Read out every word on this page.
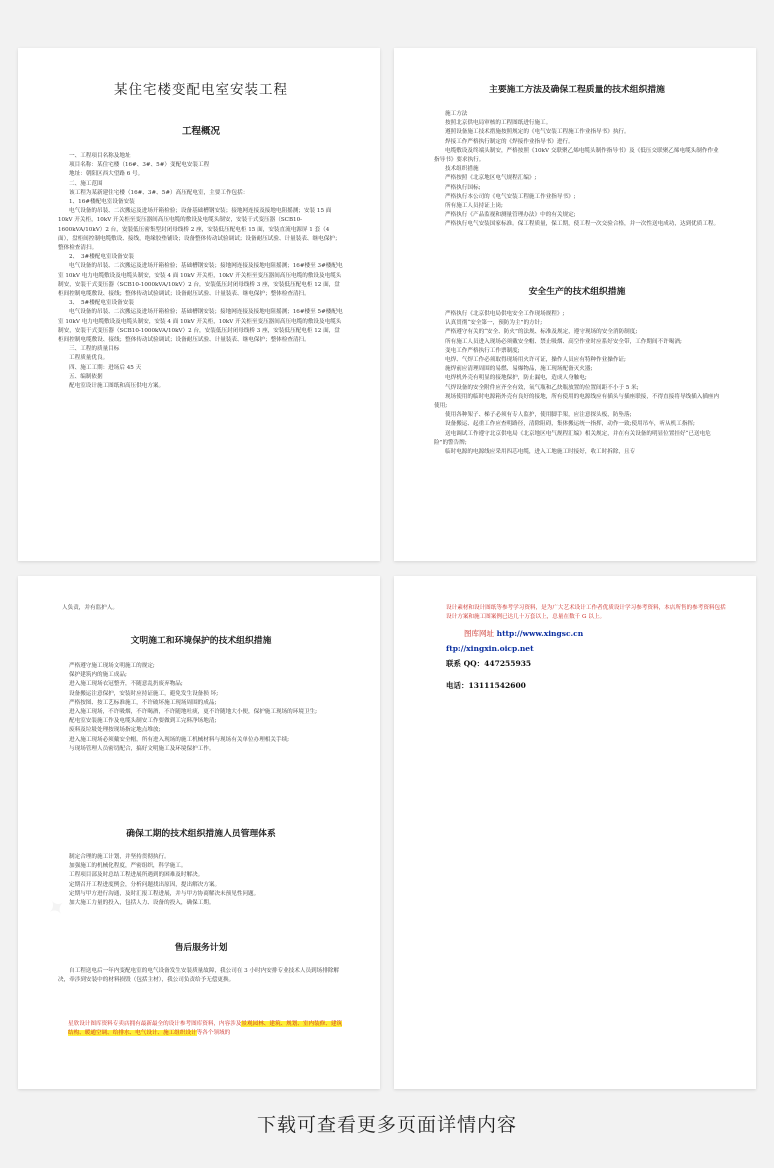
某住宅楼变配电室安装工程
工程概况

一、工程项目名称及地址

项目名称：某住宅楼（16#、3#、5#）变配电安装工程

地址：朝阳区西大望路 6 号。

二、施工范围

该工程为某新建住宅楼（16#、3#、5#）高压配电室，主要工作包括：

1、16#楼配电室设备安装

电气设备的吊装、二次搬运及进场开箱检验；设备基础槽钢安装；接地网连接及接地电阻摇测；安装 15 面 10kV 开关柜，10kV 开关柜至变压器间高压电缆的敷设及电缆头制安，安装干式变压器（SCB10-1600kVA/10kV）2 台，安装低压密集型封闭母线桥 2 座，安装低压配电柜 15 面，安装直流电源屏 1 套（4 面），盘柜间控制电缆敷设、接线，绝缘胶垫铺设；设备整体传动试验调试；设备耐压试验、计量装表、继电保护；整体检查清扫。

2、　3#楼配电室设备安装

电气设备的吊装、二次搬运及进场开箱检验；基础槽钢安装；接地网连接及接地电阻摇测；16#楼至 3#楼配电室 10kV 电力电缆敷设及电缆头制安，安装 4 面 10kV 开关柜，10kV 开关柜至变压器间高压电缆的敷设及电缆头制安，安装干式变压器（SCB10-1000kVA/10kV）2 台，安装低压封闭母线桥 3 座，安装低压配电柜 12 面，盘柜间控制电缆敷设、接线；整体传动试验调试；设备耐压试验、计量装表、继电保护；整体检查清扫。

3、　5#楼配电室设备安装

电气设备的吊装、二次搬运及进场开箱检验；基础槽钢安装；接地网连接及接地电阻摇测；16#楼至 5#楼配电室 10kV 电力电缆敷设及电缆头制安，安装 4 面 10kV 开关柜，10kV 开关柜至变压器间高压电缆的敷设及电缆头制安，安装干式变压器（SCB10-1000kVA/10kV）2 台，安装低压封闭母线桥 3 座，安装低压配电柜 12 面，盘柜间控制电缆敷设、接线；整体传动试验调试；设备耐压试验、计量装表、继电保护；整体检查清扫。

三、工程的质量目标

工程质量优良。

四、施工工期：进场后 45 天

五、编制依据

配电室设计施工图纸和高压供电方案。

主要施工方法及确保工程质量的技术组织措施

施工方法

按照北京供电局审核的工程图纸进行施工。

遵照设备施工技术措施按照规定的《电气安装工程施工作业指导书》执行。

焊接工作严格执行制定的《焊接作业指导书》进行。

电缆敷设及终端头制安，严格按照《10kV 交联聚乙烯电缆头制作指导书》及《低压交联聚乙烯电缆头制作作业指导书》要求执行。

技术组织措施

严格按照《北京地区电气规程汇编》;

严格执行国标;

严格执行本公司的《电气安装工程施工作业指导书》;

所有施工人员持证上岗;

严格执行《产品监视和测量管理办法》中的有关规定;

严格执行电气安装国家标准。保工程质量，保工期，使工程一次交验合格，并一次性送电成功，达到优质工程。

安全生产的技术组织措施

严格执行《北京供电局供电安全工作现场规程》;

认真贯彻“安全第一，预防为主”的方针;

严格遵守有关的“安全、防火”的法规、标准及规定，遵守现场的安全消防制度;

所有施工人员进入现场必须戴安全帽、禁止吸烟、高空作业时应系好安全带，工作期间不许喝酒;

变电工作严格执行工作票制度;

电焊、气焊工作必须取得现场用火许可证，操作人员应有特种作业操作证;

施焊前应清理周围的易燃、易爆物品，施工现场配备灭火器;

电焊机外壳有明显的接地保护，防止漏电，造成人身触电;

气焊设备的安全附件应齐全有效，氧气瓶和乙炔瓶放置的位置间距不小于 5 米;

现场使用的临时电源箱外壳有良好的接地，所有使用的电源线应有插头与插座联接，不得直接将导线插入插座内使用;

使用各种架子、梯子必须有专人监护，使用脚手架，应注意探头板，防坠落;

设备搬运、起重工作应查明路径，清除阻碍，集体搬运统一指挥，动作一致;使用吊车，听从机工指挥;

送电调试工作遵守北京供电局《北京地区电气规程汇编》相关规定，并在有关设备的明显位置挂好“已送电危险”的警告牌;

临时电源的电源线应采用四芯电缆，进入工地施工时接好，收工时拆除，且专

人负责，并有监护人。

文明施工和环境保护的技术组织措施

严格遵守施工现场文明施工的规定;

保护建筑内的施工成品;

进入施工现场衣冠整齐，不随意乱扔废弃物品;

设备搬运注意保护，安装时应持证施工，避免发生设备损 坏;

严格按图、按工艺标准施工，不许破坏施工现场周围的成品;

进入施工现场，不许吸烟，不许喝酒，不许随地吐痰，更不许随地大小便，保护施工现场的环境卫生;

配电室安装施工作及电缆头制安工作要做到工完料净场地清;

废料及垃圾处理按现场指定地点堆放;

进入施工现场必须戴安全帽，所有进入现场的施工机械材料与现场有关单位办理相关手续;

与现场管理人员密切配合，搞好文明施工及环境保护工作。

确保工期的技术组织措施人员管理体系

制定合理的施工计划，并坚持贯彻执行。

加强施工的机械化程度，严密组织，科学施工。

工程项目部及时总结工程进展所遇到的困难及时解决。

定期召开工程进度例会，分析问题找出原因，提出解决方案。

定期与甲方进行沟通，及时汇报工程进展，并与甲方协商解决未预见性问题。

加大施工力量的投入，包括人力、设备的投入，确保工期。

售后服务计划

自工程送电后一年内变配电室的电气设备发生安装质量故障，我公司在 3 小时内安排专业技术人员到场排除解决，牵涉到安装中的材料损毁（包括主材），我公司负责给予无偿更换。

星欣设计图库资料专卖店拥有最新最全的设计参考图库资料，内容涉及景观园林、建筑、规划、室内装修、建筑结构、暖通空调、给排水、电气设计、施工组织设计等各个领域的
设计素材和设计图纸等参考学习资料，是为广大艺术设计工作者优质设计学习参考资料，本店所售的参考资料包括设计方案和施工图案例已达几十万套以上，总量在数千 G 以上。
图库网址 http://www.xingsc.cn
ftp://xingxin.oicp.net
联系 QQ：447255935
电话：13111542600
下载可查看更多页面详情内容
